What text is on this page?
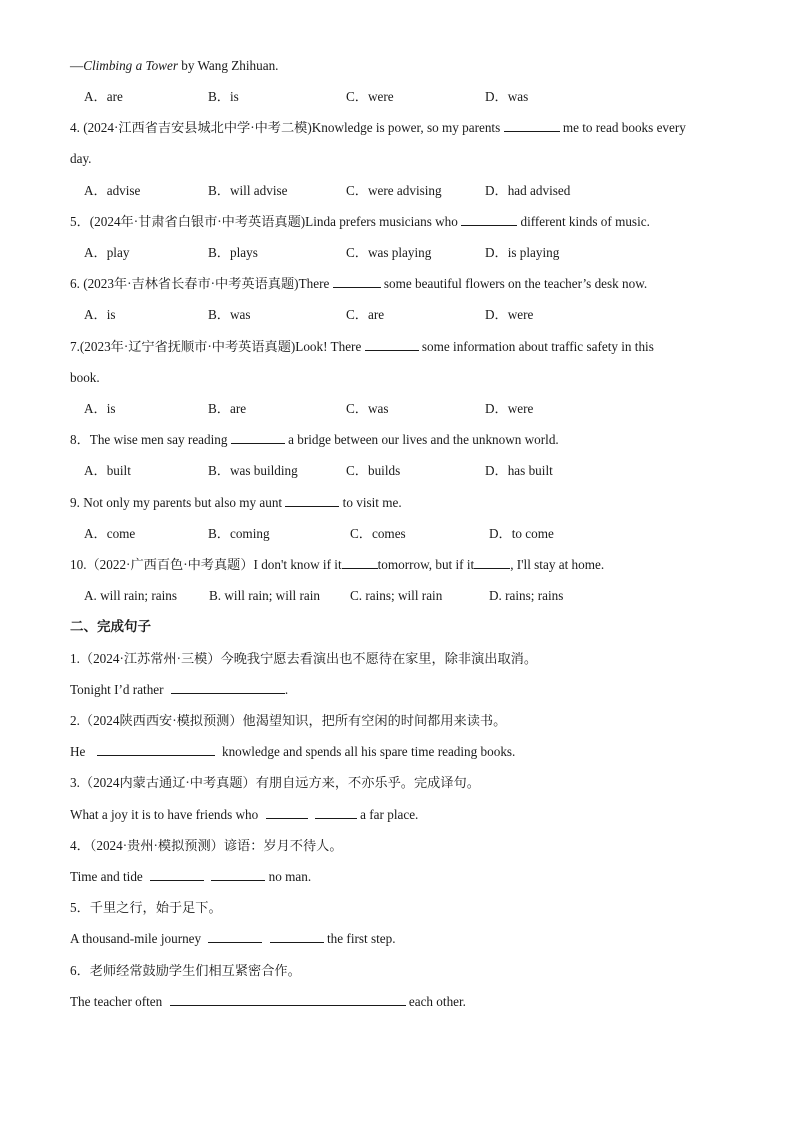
—Climbing a Tower by Wang Zhihuan.
A．are	B．is	C．were	D．was
4. (2024·江西省吉安县城北中学·中考二模)Knowledge is power, so my parents	me to read books every
day.
A．advise	B．will advise	C．were advising	D．had advised
5．(2024年·甘肃省白银市·中考英语真题)Linda prefers musicians who	different kinds of music.
A．play	B．plays	C．was playing	D．is playing
6. (2023年·吉林省长春市·中考英语真题)There	some beautiful flowers on the teacher’s desk now.
A．is	B．was	C．are	D．were
7.(2023年·辽宁省抚顺市·中考英语真题)Look! There	some information about traffic safety in this
book.
A．is	B．are	C．was	D．were
8．The wise men say reading	a bridge between our lives and the unknown world.
A．built	B．was building	C．builds	D．has built
9. Not only my parents but also my aunt	to visit me.
A．come	B．coming	C．comes	D．to come
10.（2022·广西百色·中考真题）I don't know if it	tomorrow, but if it	, I'll stay at home.
A. will rain; rains B. will rain; will rain C. rains; will rain	D. rains; rains
二、完成句子
1.（2024·江苏常州·三模）今晚我宁愿去看演出也不愿待在家里，除非演出取消。
Tonight I’d rather	.
2.（2024陕西西安·模拟预测）他渴望知识，把所有空闲的时间都用来读书。
He	knowledge and spends all his spare time reading books.
3.（2024内蒙古通辽·中考真题）有朋自远方来，不亦乐乎。完成译句。
What a joy it is to have friends who	a far place.
4．（2024·贵州·模拟预测）谚语：岁月不待人。
Time and tide	no man.
5．千里之行，始于足下。
A thousand-mile journey	the first step.
6．老师经常鼓励学生们相互紧密合作。
The teacher often	each other.
